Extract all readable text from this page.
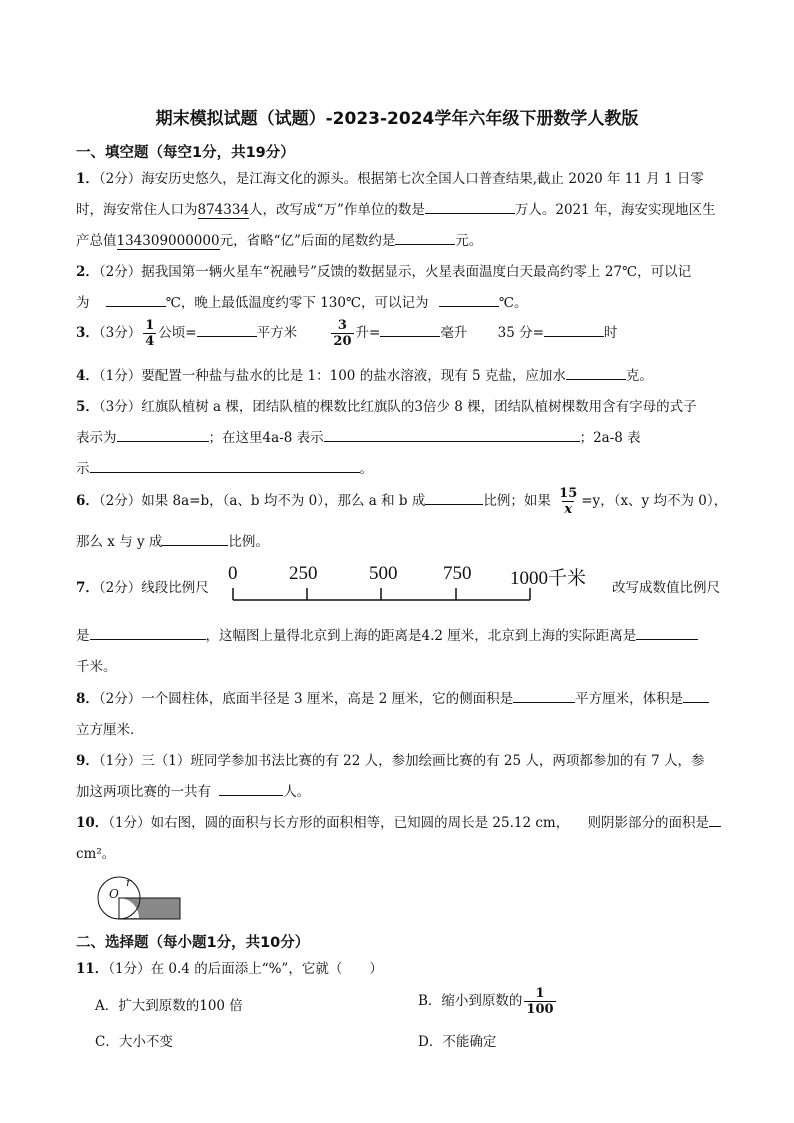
期末模拟试题（试题）-2023-2024学年六年级下册数学人教版
一、填空题（每空1分，共19分）
1．（2分）海安历史悠久，是江海文化的源头。根据第七次全国人口普查结果,截止 2020 年 11 月 1 日零
时，海安常住人口为874334人，改写成“万”作单位的数是	万人。2021 年，海安实现地区生
产总值134309000000元，省略“亿”后面的尾数约是	元。
2．（2分）据我国第一辆火星车“祝融号”反馈的数据显示，火星表面温度白天最高约零上 27℃，可以记
为	℃，晚上最低温度约零下 130℃，可以记为	℃。
3．（3分） $\frac{1}{4}$ 公顷=	平方米	$\frac{3}{20}$ 升=	毫升 35 分=	时
4．（1分）要配置一种盐与盐水的比是 1：100 的盐水溶液，现有 5 克盐，应加水	克。
5．（3分）红旗队植树 a 棵，团结队植的棵数比红旗队的3倍少 8 棵，团结队植树棵数用含有字母的式子
表示为	；在这里4a-8 表示	；2a-8 表
示	。
6．（2分）如果 8a=b，（a、b 均不为 0），那么 a 和 b 成	比例；如果 $\frac{15}{x} =y$，（x、y 均不为 0），
那么 x 与 y 成	比例。
7．（2分）线段比例尺
0	250	500 750 1000千米 改写成数值比例尺
是	，这幅图上量得北京到上海的距离是4.2 厘米，北京到上海的实际距离是
千米。
8．（2分）一个圆柱体，底面半径是 3 厘米，高是 2 厘米，它的侧面积是	平方厘米，体积是
立方厘米．
9．（1分）三（1）班同学参加书法比赛的有 22 人，参加绘画比赛的有 25 人，两项都参加的有 7 人，参
加这两项比赛的一共有	人。
10．（1分）如右图，圆的面积与长方形的面积相等，已知圆的周长是 25.12 cm， 则阴影部分的面积是
cm²。
O
r
二、选择题（每小题1分，共10分）
11．（1分）在 0.4 的后面添上“%”，它就（　　）
A．扩大到原数的100 倍	B．缩小到原数的 $\frac{1}{100}$
C．大小不变	D．不能确定
